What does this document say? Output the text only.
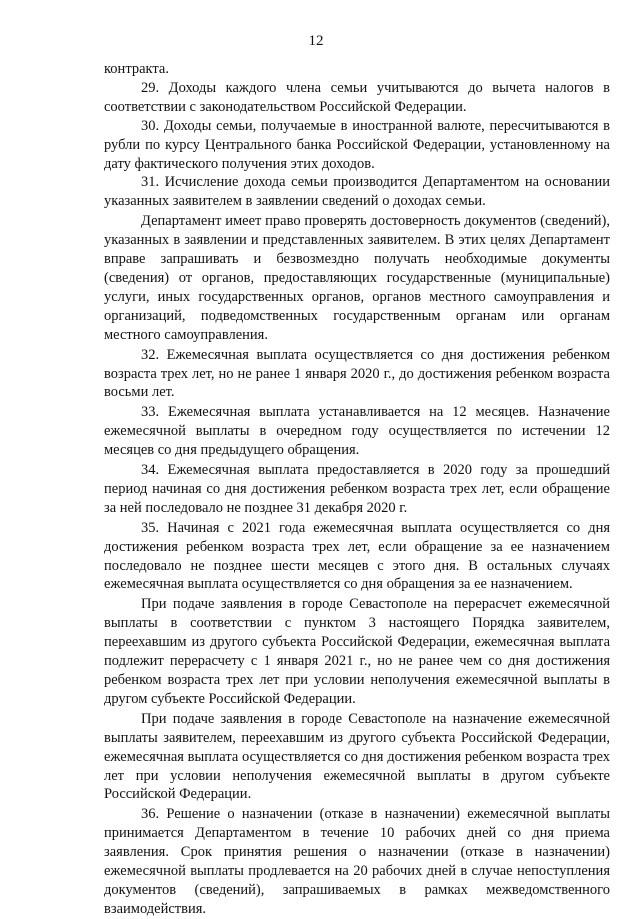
12

контракта.

29. Доходы каждого члена семьи учитываются до вычета налогов в соответствии с законодательством Российской Федерации.

30. Доходы семьи, получаемые в иностранной валюте, пересчитываются в рубли по курсу Центрального банка Российской Федерации, установленному на дату фактического получения этих доходов.

31. Исчисление дохода семьи производится Департаментом на основании указанных заявителем в заявлении сведений о доходах семьи.

Департамент имеет право проверять достоверность документов (сведений), указанных в заявлении и представленных заявителем. В этих целях Департамент вправе запрашивать и безвозмездно получать необходимые документы (сведения) от органов, предоставляющих государственные (муниципальные) услуги, иных государственных органов, органов местного самоуправления и организаций, подведомственных государственным органам или органам местного самоуправления.

32. Ежемесячная выплата осуществляется со дня достижения ребенком возраста трех лет, но не ранее 1 января 2020 г., до достижения ребенком возраста восьми лет.

33. Ежемесячная выплата устанавливается на 12 месяцев. Назначение ежемесячной выплаты в очередном году осуществляется по истечении 12 месяцев со дня предыдущего обращения.

34. Ежемесячная выплата предоставляется в 2020 году за прошедший период начиная со дня достижения ребенком возраста трех лет, если обращение за ней последовало не позднее 31 декабря 2020 г.

35. Начиная с 2021 года ежемесячная выплата осуществляется со дня достижения ребенком возраста трех лет, если обращение за ее назначением последовало не позднее шести месяцев с этого дня. В остальных случаях ежемесячная выплата осуществляется со дня обращения за ее назначением.

При подаче заявления в городе Севастополе на перерасчет ежемесячной выплаты в соответствии с пунктом 3 настоящего Порядка заявителем, переехавшим из другого субъекта Российской Федерации, ежемесячная выплата подлежит перерасчету с 1 января 2021 г., но не ранее чем со дня достижения ребенком возраста трех лет при условии неполучения ежемесячной выплаты в другом субъекте Российской Федерации.

При подаче заявления в городе Севастополе на назначение ежемесячной выплаты заявителем, переехавшим из другого субъекта Российской Федерации, ежемесячная выплата осуществляется со дня достижения ребенком возраста трех лет при условии неполучения ежемесячной выплаты в другом субъекте Российской Федерации.

36. Решение о назначении (отказе в назначении) ежемесячной выплаты принимается Департаментом в течение 10 рабочих дней со дня приема заявления. Срок принятия решения о назначении (отказе в назначении) ежемесячной выплаты продлевается на 20 рабочих дней в случае непоступления документов (сведений), запрашиваемых в рамках межведомственного взаимодействия.
